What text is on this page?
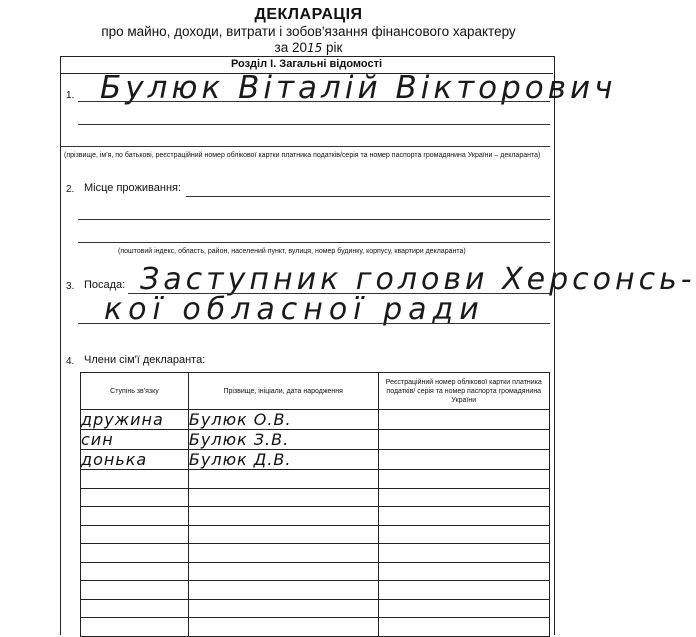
ДЕКЛАРАЦІЯ
про майно, доходи, витрати і зобов'язання фінансового характеру
за 2015 рік
Розділ І. Загальні відомості
1. Булюк Віталій Вікторович
(прізвище, ім'я, по батькові, реєстраційний номер облікової картки платника податків/серія та номер паспорта громадянина України – декларанта)
2. Місце проживання:
(поштовий індекс, область, район, населений пункт, вулиця, номер будинку, корпусу, квартири декларанта)
3. Посада: Заступник голови Херсонсь-
кої обласної ради
4. Члени сім'ї декларанта:
Ступінь зв'язку	Прізвище, ініціали, дата народження	Реєстраційний номер облікової картки платника податків/ серія та номер паспорта громадянина України
дружина	Булюк О.В.	
син	Булюк З.В.	
донька	Булюк Д.В.	
